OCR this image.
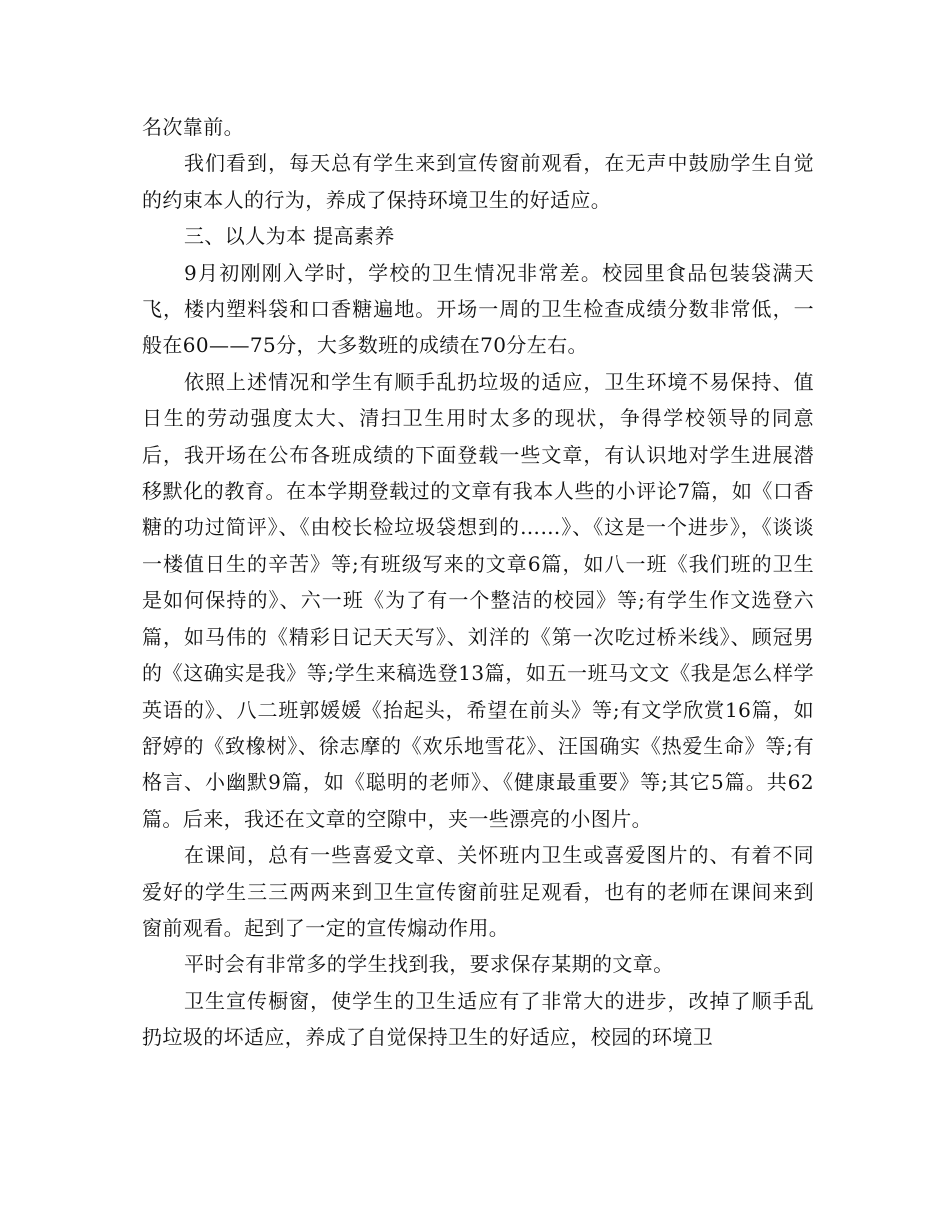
名次靠前。

我们看到，每天总有学生来到宣传窗前观看，在无声中鼓励学生自觉的约束本人的行为，养成了保持环境卫生的好适应。

三、以人为本 提高素养

9月初刚刚入学时，学校的卫生情况非常差。校园里食品包装袋满天飞，楼内塑料袋和口香糖遍地。开场一周的卫生检查成绩分数非常低，一般在60——75分，大多数班的成绩在70分左右。

依照上述情况和学生有顺手乱扔垃圾的适应，卫生环境不易保持、值日生的劳动强度太大、清扫卫生用时太多的现状，争得学校领导的同意后，我开场在公布各班成绩的下面登载一些文章，有认识地对学生进展潜移默化的教育。在本学期登载过的文章有我本人些的小评论7篇，如《口香糖的功过简评》、《由校长检垃圾袋想到的……》、《这是一个进步》，《谈谈一楼值日生的辛苦》等;有班级写来的文章6篇，如八一班《我们班的卫生是如何保持的》、六一班《为了有一个整洁的校园》等;有学生作文选登六篇，如马伟的《精彩日记天天写》、刘洋的《第一次吃过桥米线》、顾冠男的《这确实是我》等;学生来稿选登13篇，如五一班马文文《我是怎么样学英语的》、八二班郭媛媛《抬起头，希望在前头》等;有文学欣赏16篇，如舒婷的《致橡树》、徐志摩的《欢乐地雪花》、汪国确实《热爱生命》等;有格言、小幽默9篇，如《聪明的老师》、《健康最重要》等;其它5篇。共62篇。后来，我还在文章的空隙中，夹一些漂亮的小图片。

在课间，总有一些喜爱文章、关怀班内卫生或喜爱图片的、有着不同爱好的学生三三两两来到卫生宣传窗前驻足观看，也有的老师在课间来到窗前观看。起到了一定的宣传煽动作用。

平时会有非常多的学生找到我，要求保存某期的文章。

卫生宣传橱窗，使学生的卫生适应有了非常大的进步，改掉了顺手乱扔垃圾的坏适应，养成了自觉保持卫生的好适应，校园的环境卫
